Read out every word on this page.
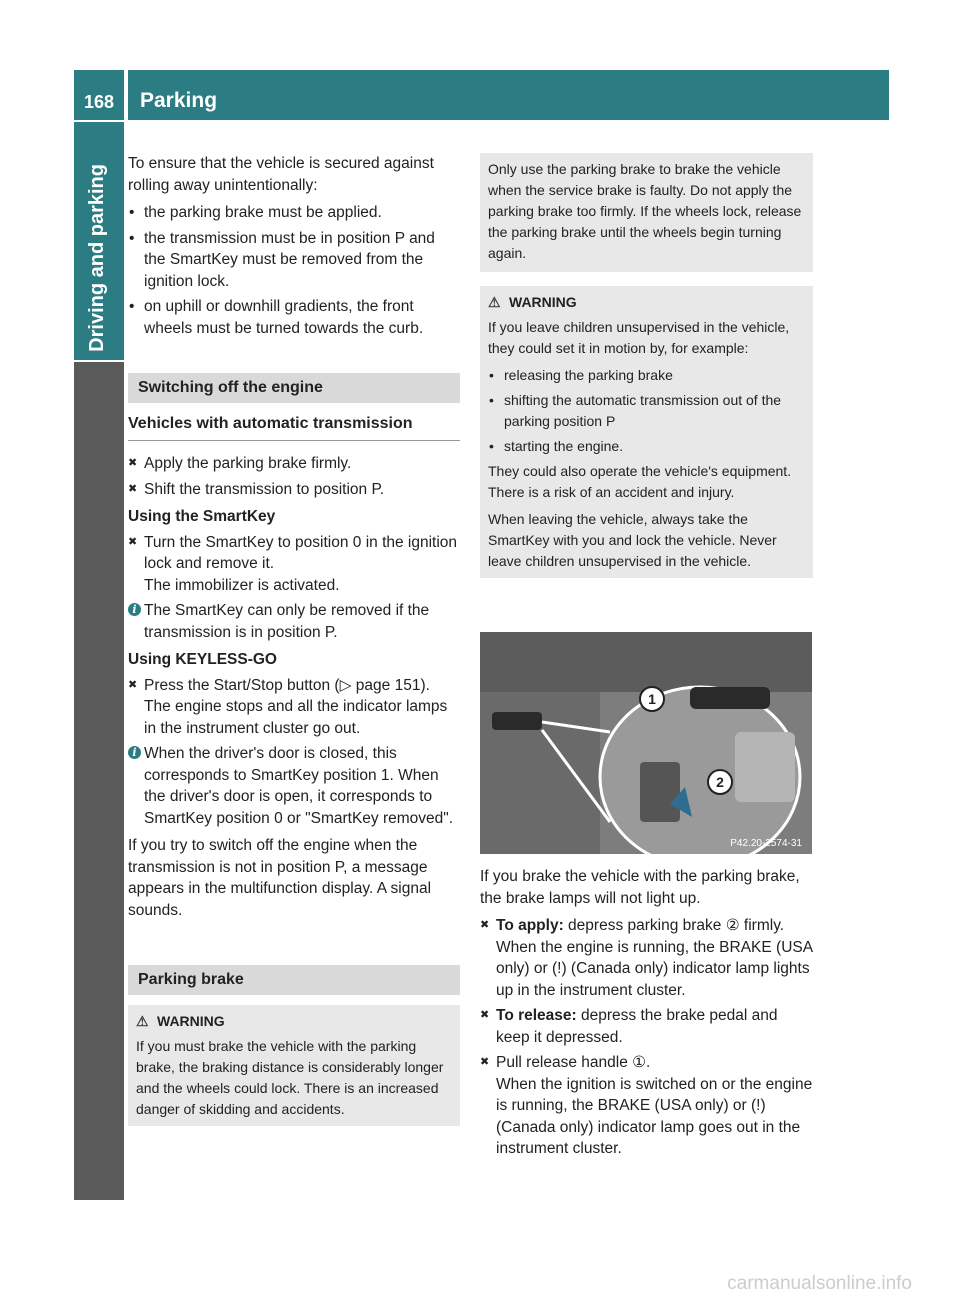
168 Parking
Driving and parking

To ensure that the vehicle is secured against rolling away unintentionally:

• the parking brake must be applied.
• the transmission must be in position P and the SmartKey must be removed from the ignition lock.
• on uphill or downhill gradients, the front wheels must be turned towards the curb.
Switching off the engine
Vehicles with automatic transmission
✖ Apply the parking brake firmly.
✖ Shift the transmission to position P.
Using the SmartKey
✖ Turn the SmartKey to position 0 in the ignition lock and remove it.
The immobilizer is activated.
i The SmartKey can only be removed if the transmission is in position P.
Using KEYLESS-GO
✖ Press the Start/Stop button (▷ page 151).
The engine stops and all the indicator lamps in the instrument cluster go out.
i When the driver's door is closed, this corresponds to SmartKey position 1. When the driver's door is open, it corresponds to SmartKey position 0 or "SmartKey removed".

If you try to switch off the engine when the transmission is not in position P, a message appears in the multifunction display. A signal sounds.

Parking brake
⚠ WARNING
If you must brake the vehicle with the parking brake, the braking distance is considerably longer and the wheels could lock. There is an increased danger of skidding and accidents.
Only use the parking brake to brake the vehicle when the service brake is faulty. Do not apply the parking brake too firmly. If the wheels lock, release the parking brake until the wheels begin turning again.
⚠ WARNING

If you leave children unsupervised in the vehicle, they could set it in motion by, for example:

• releasing the parking brake
• shifting the automatic transmission out of the parking position P
• starting the engine.

They could also operate the vehicle's equipment. There is a risk of an accident and injury.

When leaving the vehicle, always take the SmartKey with you and lock the vehicle. Never leave children unsupervised in the vehicle.

1
2
P42.20-2574-31

If you brake the vehicle with the parking brake, the brake lamps will not light up.

✖ To apply: depress parking brake ② firmly.
When the engine is running, the BRAKE (USA only) or (!) (Canada only) indicator lamp lights up in the instrument cluster.
✖ To release: depress the brake pedal and keep it depressed.
✖ Pull release handle ①.
When the ignition is switched on or the engine is running, the BRAKE (USA only) or (!) (Canada only) indicator lamp goes out in the instrument cluster.
carmanualsonline.info
